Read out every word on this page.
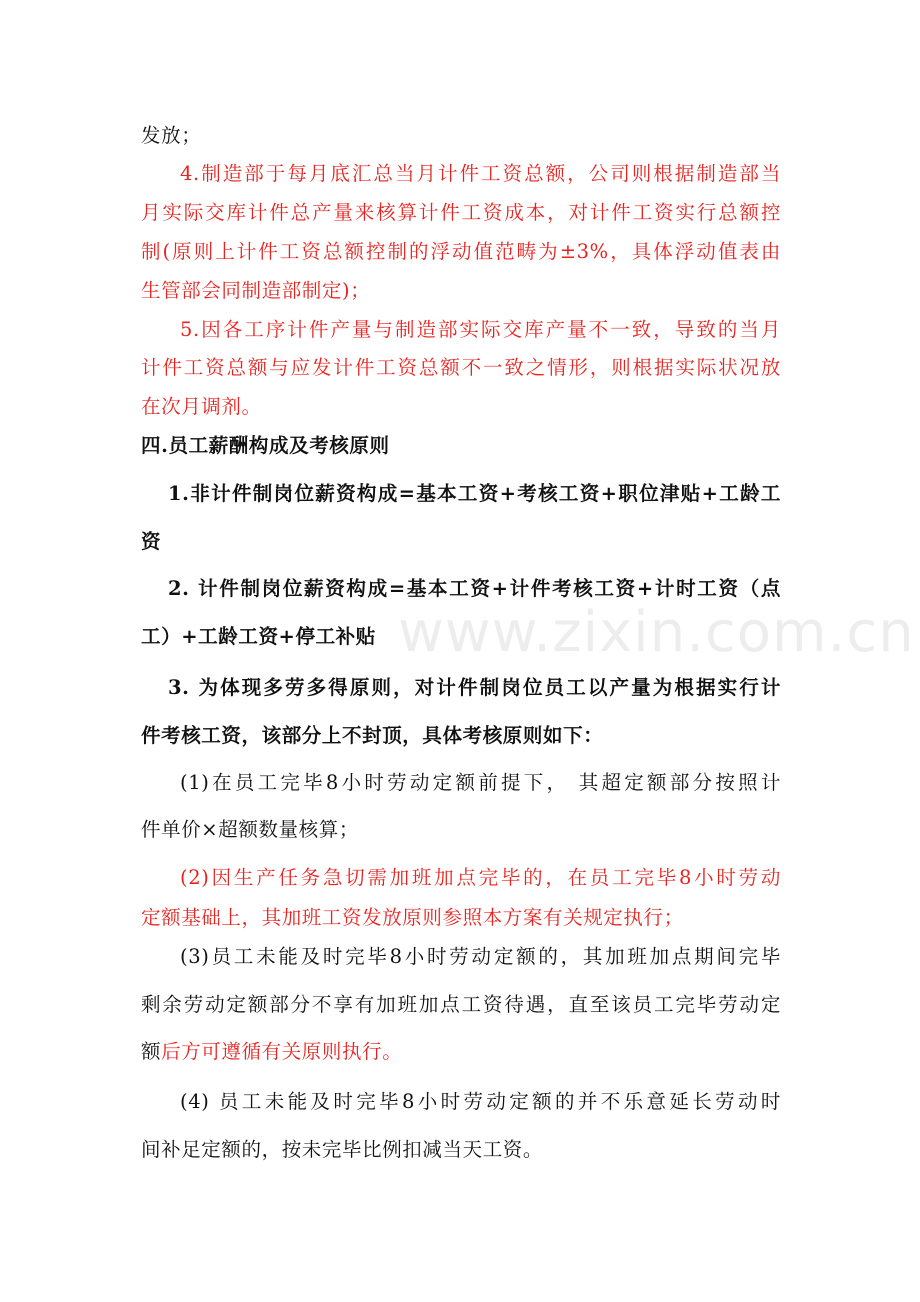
www.zixin.com.cn
发放；
4.制造部于每月底汇总当月计件工资总额，公司则根据制造部当
月实际交库计件总产量来核算计件工资成本，对计件工资实行总额控
制(原则上计件工资总额控制的浮动值范畴为±3%，具体浮动值表由
生管部会同制造部制定)；
5.因各工序计件产量与制造部实际交库产量不一致，导致的当月
计件工资总额与应发计件工资总额不一致之情形，则根据实际状况放
在次月调剂。
四.员工薪酬构成及考核原则
1.非计件制岗位薪资构成=基本工资+考核工资+职位津贴+工龄工
资
2. 计件制岗位薪资构成=基本工资+计件考核工资+计时工资（点
工）+工龄工资+停工补贴
3. 为体现多劳多得原则，对计件制岗位员工以产量为根据实行计
件考核工资，该部分上不封顶，具体考核原则如下：
(1)在员工完毕8小时劳动定额前提下， 其超定额部分按照计
件单价×超额数量核算；
(2)因生产任务急切需加班加点完毕的，在员工完毕8小时劳动
定额基础上，其加班工资发放原则参照本方案有关规定执行；
(3)员工未能及时完毕8小时劳动定额的，其加班加点期间完毕
剩余劳动定额部分不享有加班加点工资待遇，直至该员工完毕劳动定
额后方可遵循有关原则执行。
(4) 员工未能及时完毕8小时劳动定额的并不乐意延长劳动时
间补足定额的，按未完毕比例扣减当天工资。
